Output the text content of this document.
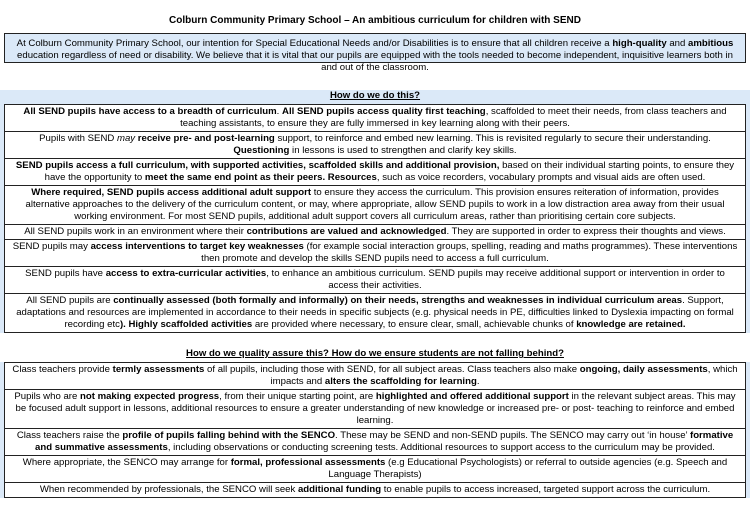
Colburn Community Primary School – An ambitious curriculum for children with SEND
At Colburn Community Primary School, our intention for Special Educational Needs and/or Disabilities is to ensure that all children receive a high-quality and ambitious education regardless of need or disability. We believe that it is vital that our pupils are equipped with the tools needed to become independent, inquisitive learners both in and out of the classroom.
How do we do this?
All SEND pupils have access to a breadth of curriculum. All SEND pupils access quality first teaching, scaffolded to meet their needs, from class teachers and teaching assistants, to ensure they are fully immersed in key learning along with their peers.
Pupils with SEND may receive pre- and post-learning support, to reinforce and embed new learning. This is revisited regularly to secure their understanding. Questioning in lessons is used to strengthen and clarify key skills.
SEND pupils access a full curriculum, with supported activities, scaffolded skills and additional provision, based on their individual starting points, to ensure they have the opportunity to meet the same end point as their peers. Resources, such as voice recorders, vocabulary prompts and visual aids are often used.
Where required, SEND pupils access additional adult support to ensure they access the curriculum. This provision ensures reiteration of information, provides alternative approaches to the delivery of the curriculum content, or may, where appropriate, allow SEND pupils to work in a low distraction area away from their usual working environment. For most SEND pupils, additional adult support covers all curriculum areas, rather than prioritising certain core subjects.
All SEND pupils work in an environment where their contributions are valued and acknowledged. They are supported in order to express their thoughts and views.
SEND pupils may access interventions to target key weaknesses (for example social interaction groups, spelling, reading and maths programmes). These interventions then promote and develop the skills SEND pupils need to access a full curriculum.
SEND pupils have access to extra-curricular activities, to enhance an ambitious curriculum. SEND pupils may receive additional support or intervention in order to access their activities.
All SEND pupils are continually assessed (both formally and informally) on their needs, strengths and weaknesses in individual curriculum areas. Support, adaptations and resources are implemented in accordance to their needs in specific subjects (e.g. physical needs in PE, difficulties linked to Dyslexia impacting on formal recording etc). Highly scaffolded activities are provided where necessary, to ensure clear, small, achievable chunks of knowledge are retained.
How do we quality assure this? How do we ensure students are not falling behind?
Class teachers provide termly assessments of all pupils, including those with SEND, for all subject areas. Class teachers also make ongoing, daily assessments, which impacts and alters the scaffolding for learning.
Pupils who are not making expected progress, from their unique starting point, are highlighted and offered additional support in the relevant subject areas. This may be focused adult support in lessons, additional resources to ensure a greater understanding of new knowledge or increased pre- or post- teaching to reinforce and embed learning.
Class teachers raise the profile of pupils falling behind with the SENCO. These may be SEND and non-SEND pupils. The SENCO may carry out ‘in house’ formative and summative assessments, including observations or conducting screening tests. Additional resources to support access to the curriculum may be provided.
Where appropriate, the SENCO may arrange for formal, professional assessments (e.g Educational Psychologists) or referral to outside agencies (e.g. Speech and Language Therapists)
When recommended by professionals, the SENCO will seek additional funding to enable pupils to access increased, targeted support across the curriculum.
